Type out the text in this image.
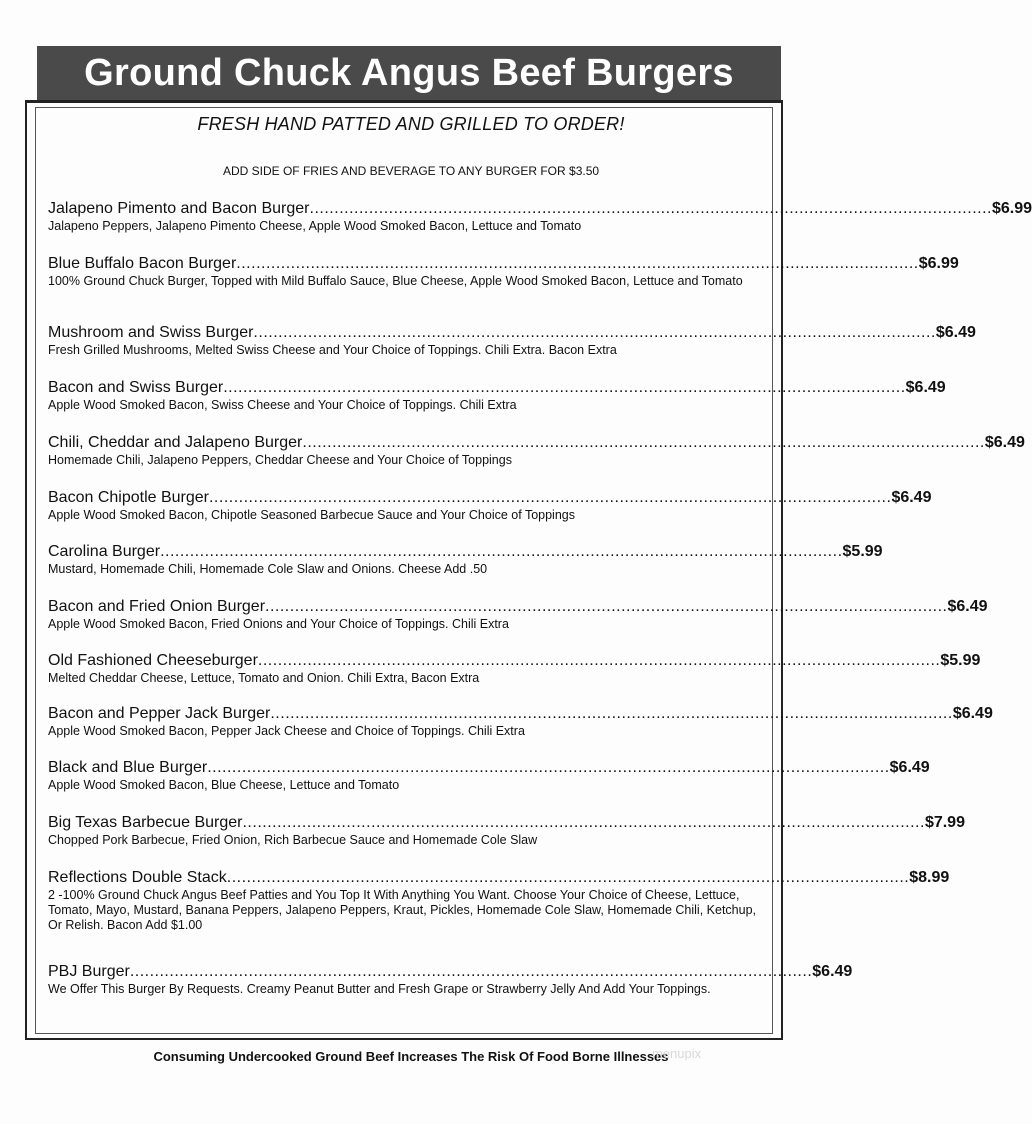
Ground Chuck Angus Beef Burgers
FRESH HAND PATTED AND GRILLED TO ORDER!
ADD SIDE OF FRIES AND BEVERAGE TO ANY BURGER FOR $3.50
Jalapeno Pimento and Bacon Burger .......................................................................................................................................... $6.99
Jalapeno Peppers, Jalapeno Pimento Cheese, Apple Wood Smoked Bacon, Lettuce and Tomato
Blue Buffalo Bacon Burger .......................................................................................................................................... $6.99
100% Ground Chuck Burger, Topped with Mild Buffalo Sauce, Blue Cheese, Apple Wood Smoked Bacon, Lettuce and Tomato
Mushroom and Swiss Burger .......................................................................................................................................... $6.49
Fresh Grilled Mushrooms, Melted Swiss Cheese and Your Choice of Toppings. Chili Extra. Bacon Extra
Bacon and Swiss Burger .......................................................................................................................................... $6.49
Apple Wood Smoked Bacon, Swiss Cheese and Your Choice of Toppings. Chili Extra
Chili, Cheddar and Jalapeno Burger .......................................................................................................................................... $6.49
Homemade Chili, Jalapeno Peppers, Cheddar Cheese and Your Choice of Toppings
Bacon Chipotle Burger .......................................................................................................................................... $6.49
Apple Wood Smoked Bacon, Chipotle Seasoned Barbecue Sauce and Your Choice of Toppings
Carolina Burger .......................................................................................................................................... $5.99
Mustard, Homemade Chili, Homemade Cole Slaw and Onions. Cheese Add .50
Bacon and Fried Onion Burger .......................................................................................................................................... $6.49
Apple Wood Smoked Bacon, Fried Onions and Your Choice of Toppings. Chili Extra
Old Fashioned Cheeseburger .......................................................................................................................................... $5.99
Melted Cheddar Cheese, Lettuce, Tomato and Onion. Chili Extra, Bacon Extra
Bacon and Pepper Jack Burger .......................................................................................................................................... $6.49
Apple Wood Smoked Bacon, Pepper Jack Cheese and Choice of Toppings. Chili Extra
Black and Blue Burger .......................................................................................................................................... $6.49
Apple Wood Smoked Bacon, Blue Cheese, Lettuce and Tomato
Big Texas Barbecue Burger .......................................................................................................................................... $7.99
Chopped Pork Barbecue, Fried Onion, Rich Barbecue Sauce and Homemade Cole Slaw
Reflections Double Stack .......................................................................................................................................... $8.99
2 -100% Ground Chuck Angus Beef Patties and You Top It With Anything You Want. Choose Your Choice of Cheese, Lettuce, Tomato, Mayo, Mustard, Banana Peppers, Jalapeno Peppers, Kraut, Pickles, Homemade Cole Slaw, Homemade Chili, Ketchup, Or Relish. Bacon Add $1.00
PBJ Burger .......................................................................................................................................... $6.49
We Offer This Burger By Requests. Creamy Peanut Butter and Fresh Grape or Strawberry Jelly And Add Your Toppings.
Consuming Undercooked Ground Beef Increases The Risk Of Food Borne Illnesses
menupix
